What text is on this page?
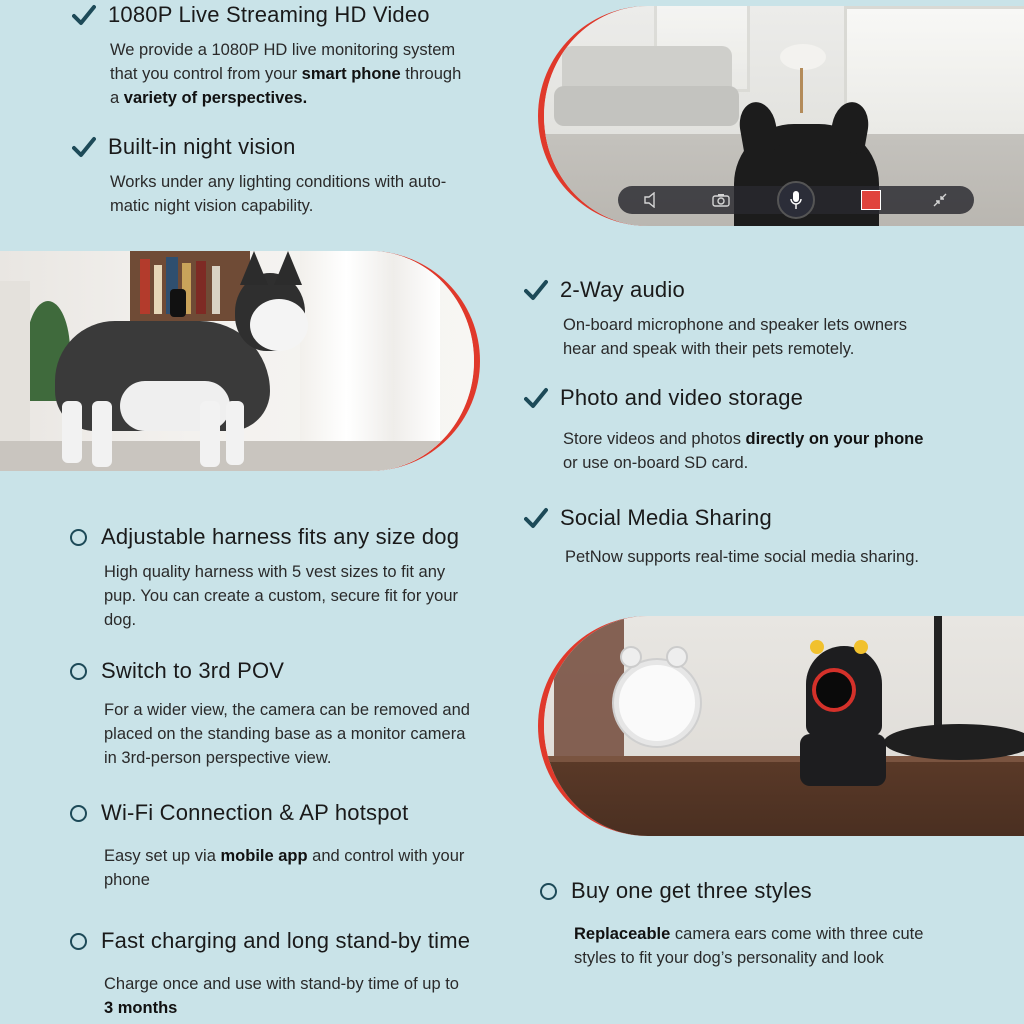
1080P Live Streaming HD Video
We provide a 1080P HD live monitoring system
that you control from your smart phone through
a variety of perspectives.
Built-in night vision
Works under any lighting conditions with auto-
matic night vision capability.
2-Way audio
On-board microphone and speaker lets owners
hear and speak with their pets remotely.
Photo and video storage
Store videos and photos directly on your phone
or use on-board SD card.
Social Media Sharing
PetNow supports real-time social media sharing.
Adjustable harness fits any size dog
High quality harness with 5 vest sizes to fit any
pup. You can create a custom, secure fit for your
dog.
Switch to 3rd POV
For a wider view, the camera can be removed and
placed on the standing base as a monitor camera
in 3rd-person perspective view.
Wi-Fi Connection & AP hotspot
Easy set up via mobile app and control with your
phone
Fast charging and long stand-by time
Charge once and use with stand-by time of up to
3 months
Buy one get three styles
Replaceable camera ears come with three cute
styles to fit your dog’s personality and look
